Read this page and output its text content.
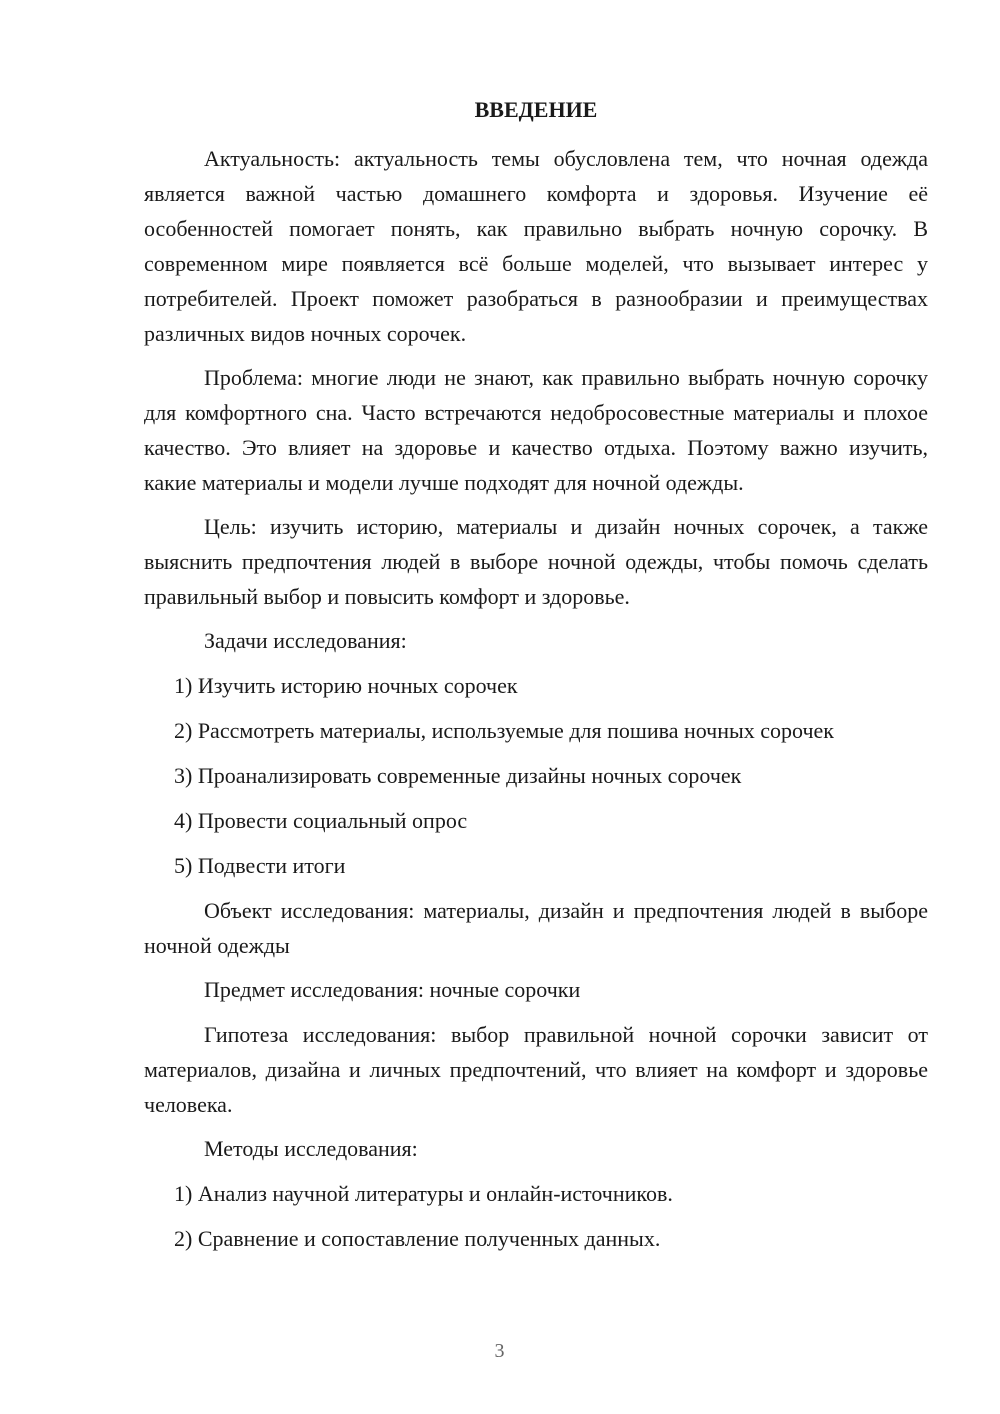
ВВЕДЕНИЕ

Актуальность: актуальность темы обусловлена тем, что ночная одежда является важной частью домашнего комфорта и здоровья. Изучение её особенностей помогает понять, как правильно выбрать ночную сорочку. В современном мире появляется всё больше моделей, что вызывает интерес у потребителей. Проект поможет разобраться в разнообразии и преимуществах различных видов ночных сорочек.

Проблема: многие люди не знают, как правильно выбрать ночную сорочку для комфортного сна. Часто встречаются недобросовестные материалы и плохое качество. Это влияет на здоровье и качество отдыха. Поэтому важно изучить, какие материалы и модели лучше подходят для ночной одежды.

Цель: изучить историю, материалы и дизайн ночных сорочек, а также выяснить предпочтения людей в выборе ночной одежды, чтобы помочь сделать правильный выбор и повысить комфорт и здоровье.

Задачи исследования:

1) Изучить историю ночных сорочек

2) Рассмотреть материалы, используемые для пошива ночных сорочек

3) Проанализировать современные дизайны ночных сорочек

4) Провести социальный опрос

5) Подвести итоги

Объект исследования: материалы, дизайн и предпочтения людей в выборе ночной одежды

Предмет исследования: ночные сорочки

Гипотеза исследования: выбор правильной ночной сорочки зависит от материалов, дизайна и личных предпочтений, что влияет на комфорт и здоровье человека.

Методы исследования:

1) Анализ научной литературы и онлайн-источников.

2) Сравнение и сопоставление полученных данных.

3
